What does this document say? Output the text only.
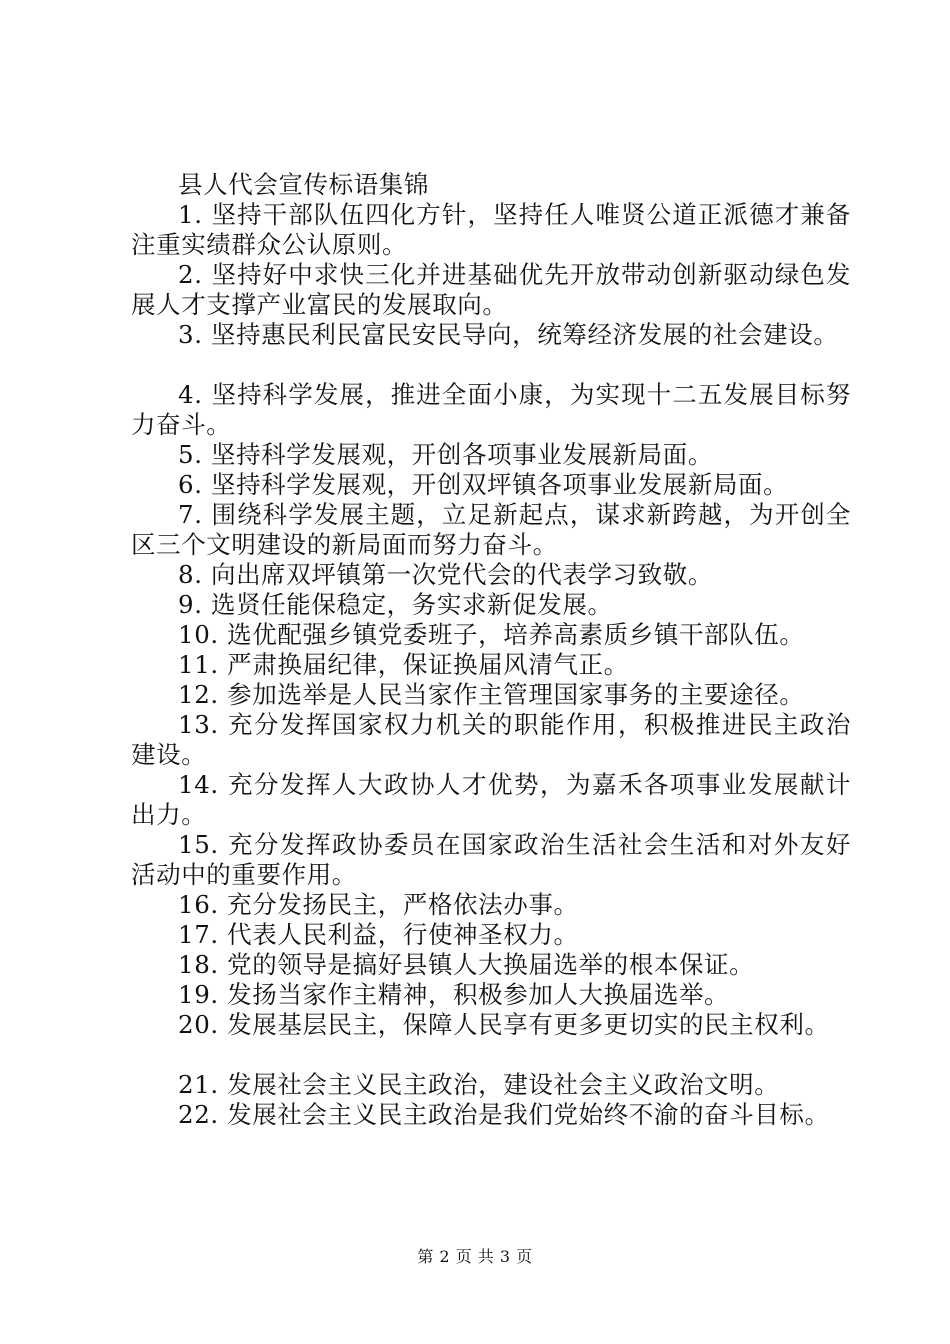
县人代会宣传标语集锦

1. 坚持干部队伍四化方针，坚持任人唯贤公道正派德才兼备注重实绩群众公认原则。

2. 坚持好中求快三化并进基础优先开放带动创新驱动绿色发展人才支撑产业富民的发展取向。

3. 坚持惠民利民富民安民导向，统筹经济发展的社会建设。

4. 坚持科学发展，推进全面小康，为实现十二五发展目标努力奋斗。

5. 坚持科学发展观，开创各项事业发展新局面。

6. 坚持科学发展观，开创双坪镇各项事业发展新局面。

7. 围绕科学发展主题，立足新起点，谋求新跨越，为开创全区三个文明建设的新局面而努力奋斗。

8. 向出席双坪镇第一次党代会的代表学习致敬。

9. 选贤任能保稳定，务实求新促发展。

10. 选优配强乡镇党委班子，培养高素质乡镇干部队伍。

11. 严肃换届纪律，保证换届风清气正。

12. 参加选举是人民当家作主管理国家事务的主要途径。

13. 充分发挥国家权力机关的职能作用，积极推进民主政治建设。

14. 充分发挥人大政协人才优势，为嘉禾各项事业发展献计出力。

15. 充分发挥政协委员在国家政治生活社会生活和对外友好活动中的重要作用。

16. 充分发扬民主，严格依法办事。

17. 代表人民利益，行使神圣权力。

18. 党的领导是搞好县镇人大换届选举的根本保证。

19. 发扬当家作主精神，积极参加人大换届选举。

20. 发展基层民主，保障人民享有更多更切实的民主权利。

21. 发展社会主义民主政治，建设社会主义政治文明。

22. 发展社会主义民主政治是我们党始终不渝的奋斗目标。

第 2 页 共 3 页
